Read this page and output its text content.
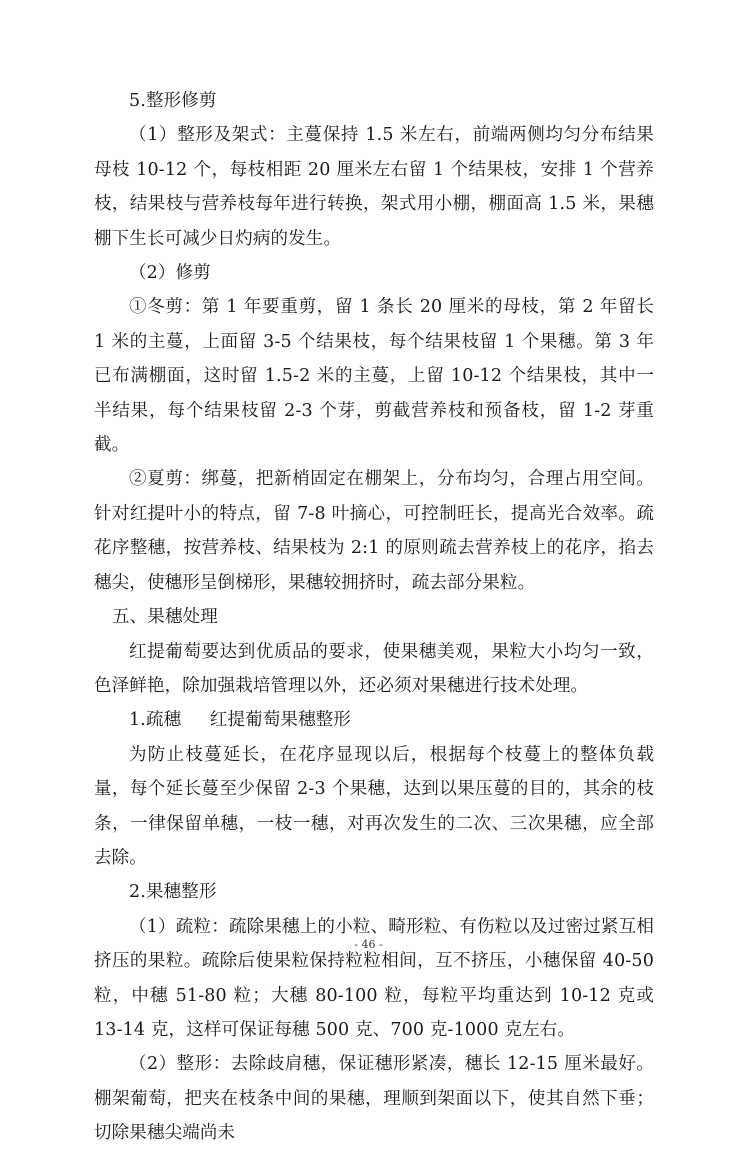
5.整形修剪

（1）整形及架式：主蔓保持 1.5 米左右，前端两侧均匀分布结果母枝 10-12 个，每枝相距 20 厘米左右留 1 个结果枝，安排 1 个营养枝，结果枝与营养枝每年进行转换，架式用小棚，棚面高 1.5 米，果穗棚下生长可减少日灼病的发生。

（2）修剪

①冬剪：第 1 年要重剪，留 1 条长 20 厘米的母枝，第 2 年留长 1 米的主蔓，上面留 3-5 个结果枝，每个结果枝留 1 个果穗。第 3 年已布满棚面，这时留 1.5-2 米的主蔓，上留 10-12 个结果枝，其中一半结果，每个结果枝留 2-3 个芽，剪截营养枝和预备枝，留 1-2 芽重截。

②夏剪：绑蔓，把新梢固定在棚架上，分布均匀，合理占用空间。针对红提叶小的特点，留 7-8 叶摘心，可控制旺长，提高光合效率。疏花序整穗，按营养枝、结果枝为 2:1 的原则疏去营养枝上的花序，掐去穗尖，使穗形呈倒梯形，果穗较拥挤时，疏去部分果粒。

五、果穗处理

红提葡萄要达到优质品的要求，使果穗美观，果粒大小均匀一致，色泽鲜艳，除加强栽培管理以外，还必须对果穗进行技术处理。

1.疏穗     红提葡萄果穗整形

为防止枝蔓延长，在花序显现以后，根据每个枝蔓上的整体负载量，每个延长蔓至少保留 2-3 个果穗，达到以果压蔓的目的，其余的枝条，一律保留单穗，一枝一穗，对再次发生的二次、三次果穗，应全部去除。

2.果穗整形

（1）疏粒：疏除果穗上的小粒、畸形粒、有伤粒以及过密过紧互相挤压的果粒。疏除后使果粒保持粒粒相间，互不挤压，小穗保留 40-50 粒，中穗 51-80 粒；大穗 80-100 粒，每粒平均重达到 10-12 克或 13-14 克，这样可保证每穗 500 克、700 克-1000 克左右。

（2）整形：去除歧肩穗，保证穗形紧凑，穗长 12-15 厘米最好。棚架葡萄，把夹在枝条中间的果穗，理顺到架面以下，使其自然下垂；切除果穗尖端尚未

- 46 -
